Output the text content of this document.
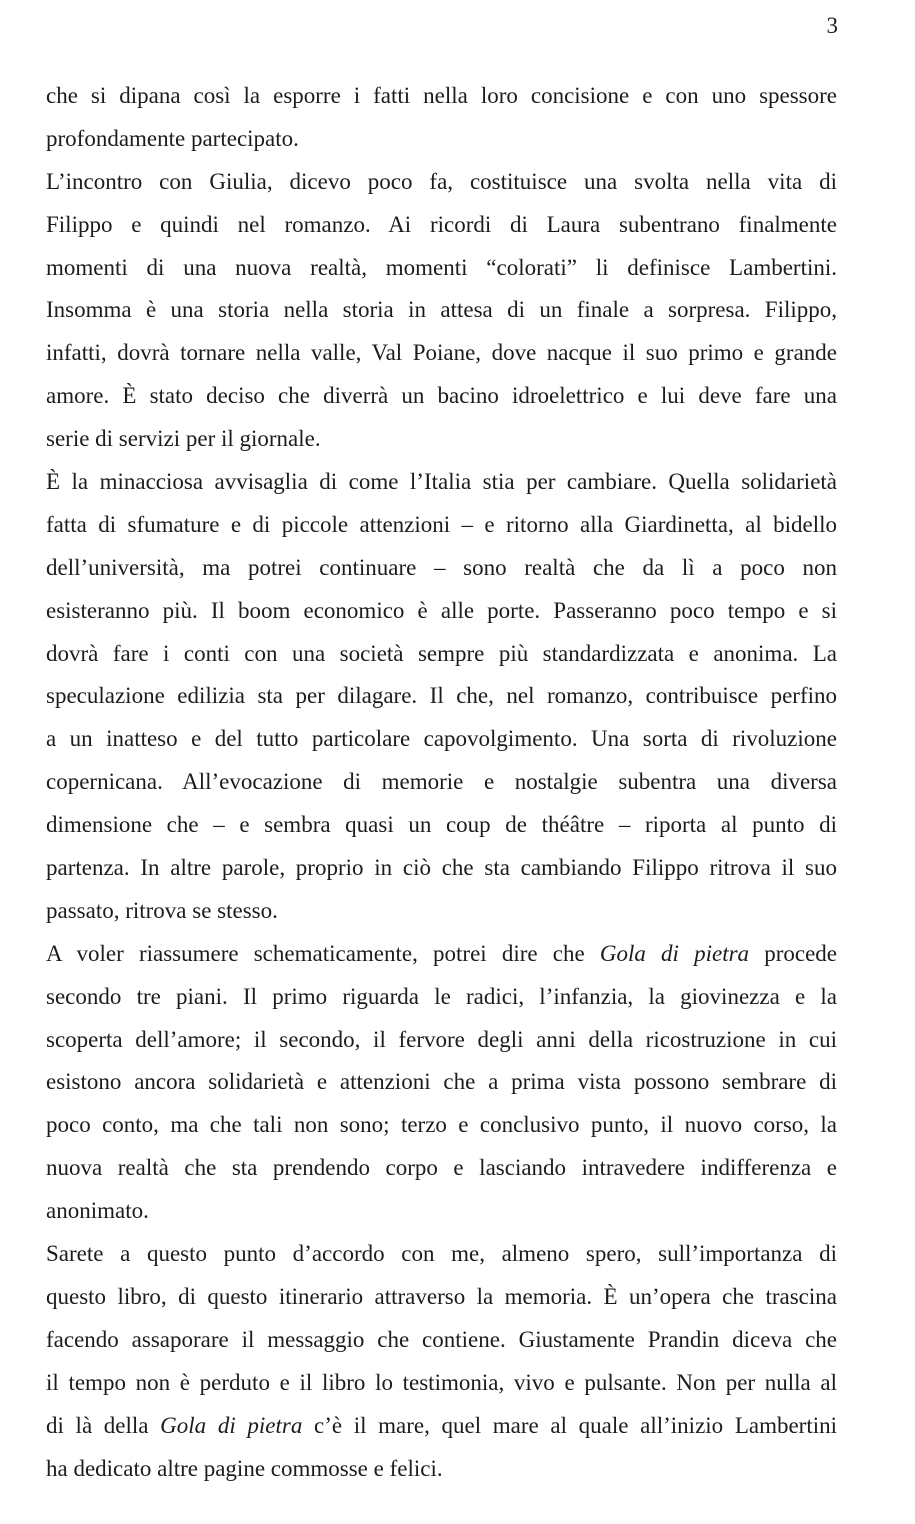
3

che si dipana così la esporre i fatti nella loro concisione e con uno spessore
profondamente partecipato.

L’incontro con Giulia, dicevo poco fa, costituisce una svolta nella vita di
Filippo e quindi nel romanzo. Ai ricordi di Laura subentrano finalmente
momenti di una nuova realtà, momenti “colorati” li definisce Lambertini.
Insomma è una storia nella storia in attesa di un finale a sorpresa. Filippo,
infatti, dovrà tornare nella valle, Val Poiane, dove nacque il suo primo e grande
amore. È stato deciso che diverrà un bacino idroelettrico e lui deve fare una
serie di servizi per il giornale.

È la minacciosa avvisaglia di come l’Italia stia per cambiare. Quella solidarietà
fatta di sfumature e di piccole attenzioni – e ritorno alla Giardinetta, al bidello
dell’università, ma potrei continuare – sono realtà che da lì a poco non
esisteranno più. Il boom economico è alle porte. Passeranno poco tempo e si
dovrà fare i conti con una società sempre più standardizzata e anonima. La
speculazione edilizia sta per dilagare. Il che, nel romanzo, contribuisce perfino
a un inatteso e del tutto particolare capovolgimento. Una sorta di rivoluzione
copernicana. All’evocazione di memorie e nostalgie subentra una diversa
dimensione che – e sembra quasi un coup de théâtre – riporta al punto di
partenza. In altre parole, proprio in ciò che sta cambiando Filippo ritrova il suo
passato, ritrova se stesso.

A voler riassumere schematicamente, potrei dire che Gola di pietra procede
secondo tre piani. Il primo riguarda le radici, l’infanzia, la giovinezza e la
scoperta dell’amore; il secondo, il fervore degli anni della ricostruzione in cui
esistono ancora solidarietà e attenzioni che a prima vista possono sembrare di
poco conto, ma che tali non sono; terzo e conclusivo punto, il nuovo corso, la
nuova realtà che sta prendendo corpo e lasciando intravedere indifferenza e
anonimato.

Sarete a questo punto d’accordo con me, almeno spero, sull’importanza di
questo libro, di questo itinerario attraverso la memoria. È un’opera che trascina
facendo assaporare il messaggio che contiene. Giustamente Prandin diceva che
il tempo non è perduto e il libro lo testimonia, vivo e pulsante. Non per nulla al
di là della Gola di pietra c’è il mare, quel mare al quale all’inizio Lambertini
ha dedicato altre pagine commosse e felici.
